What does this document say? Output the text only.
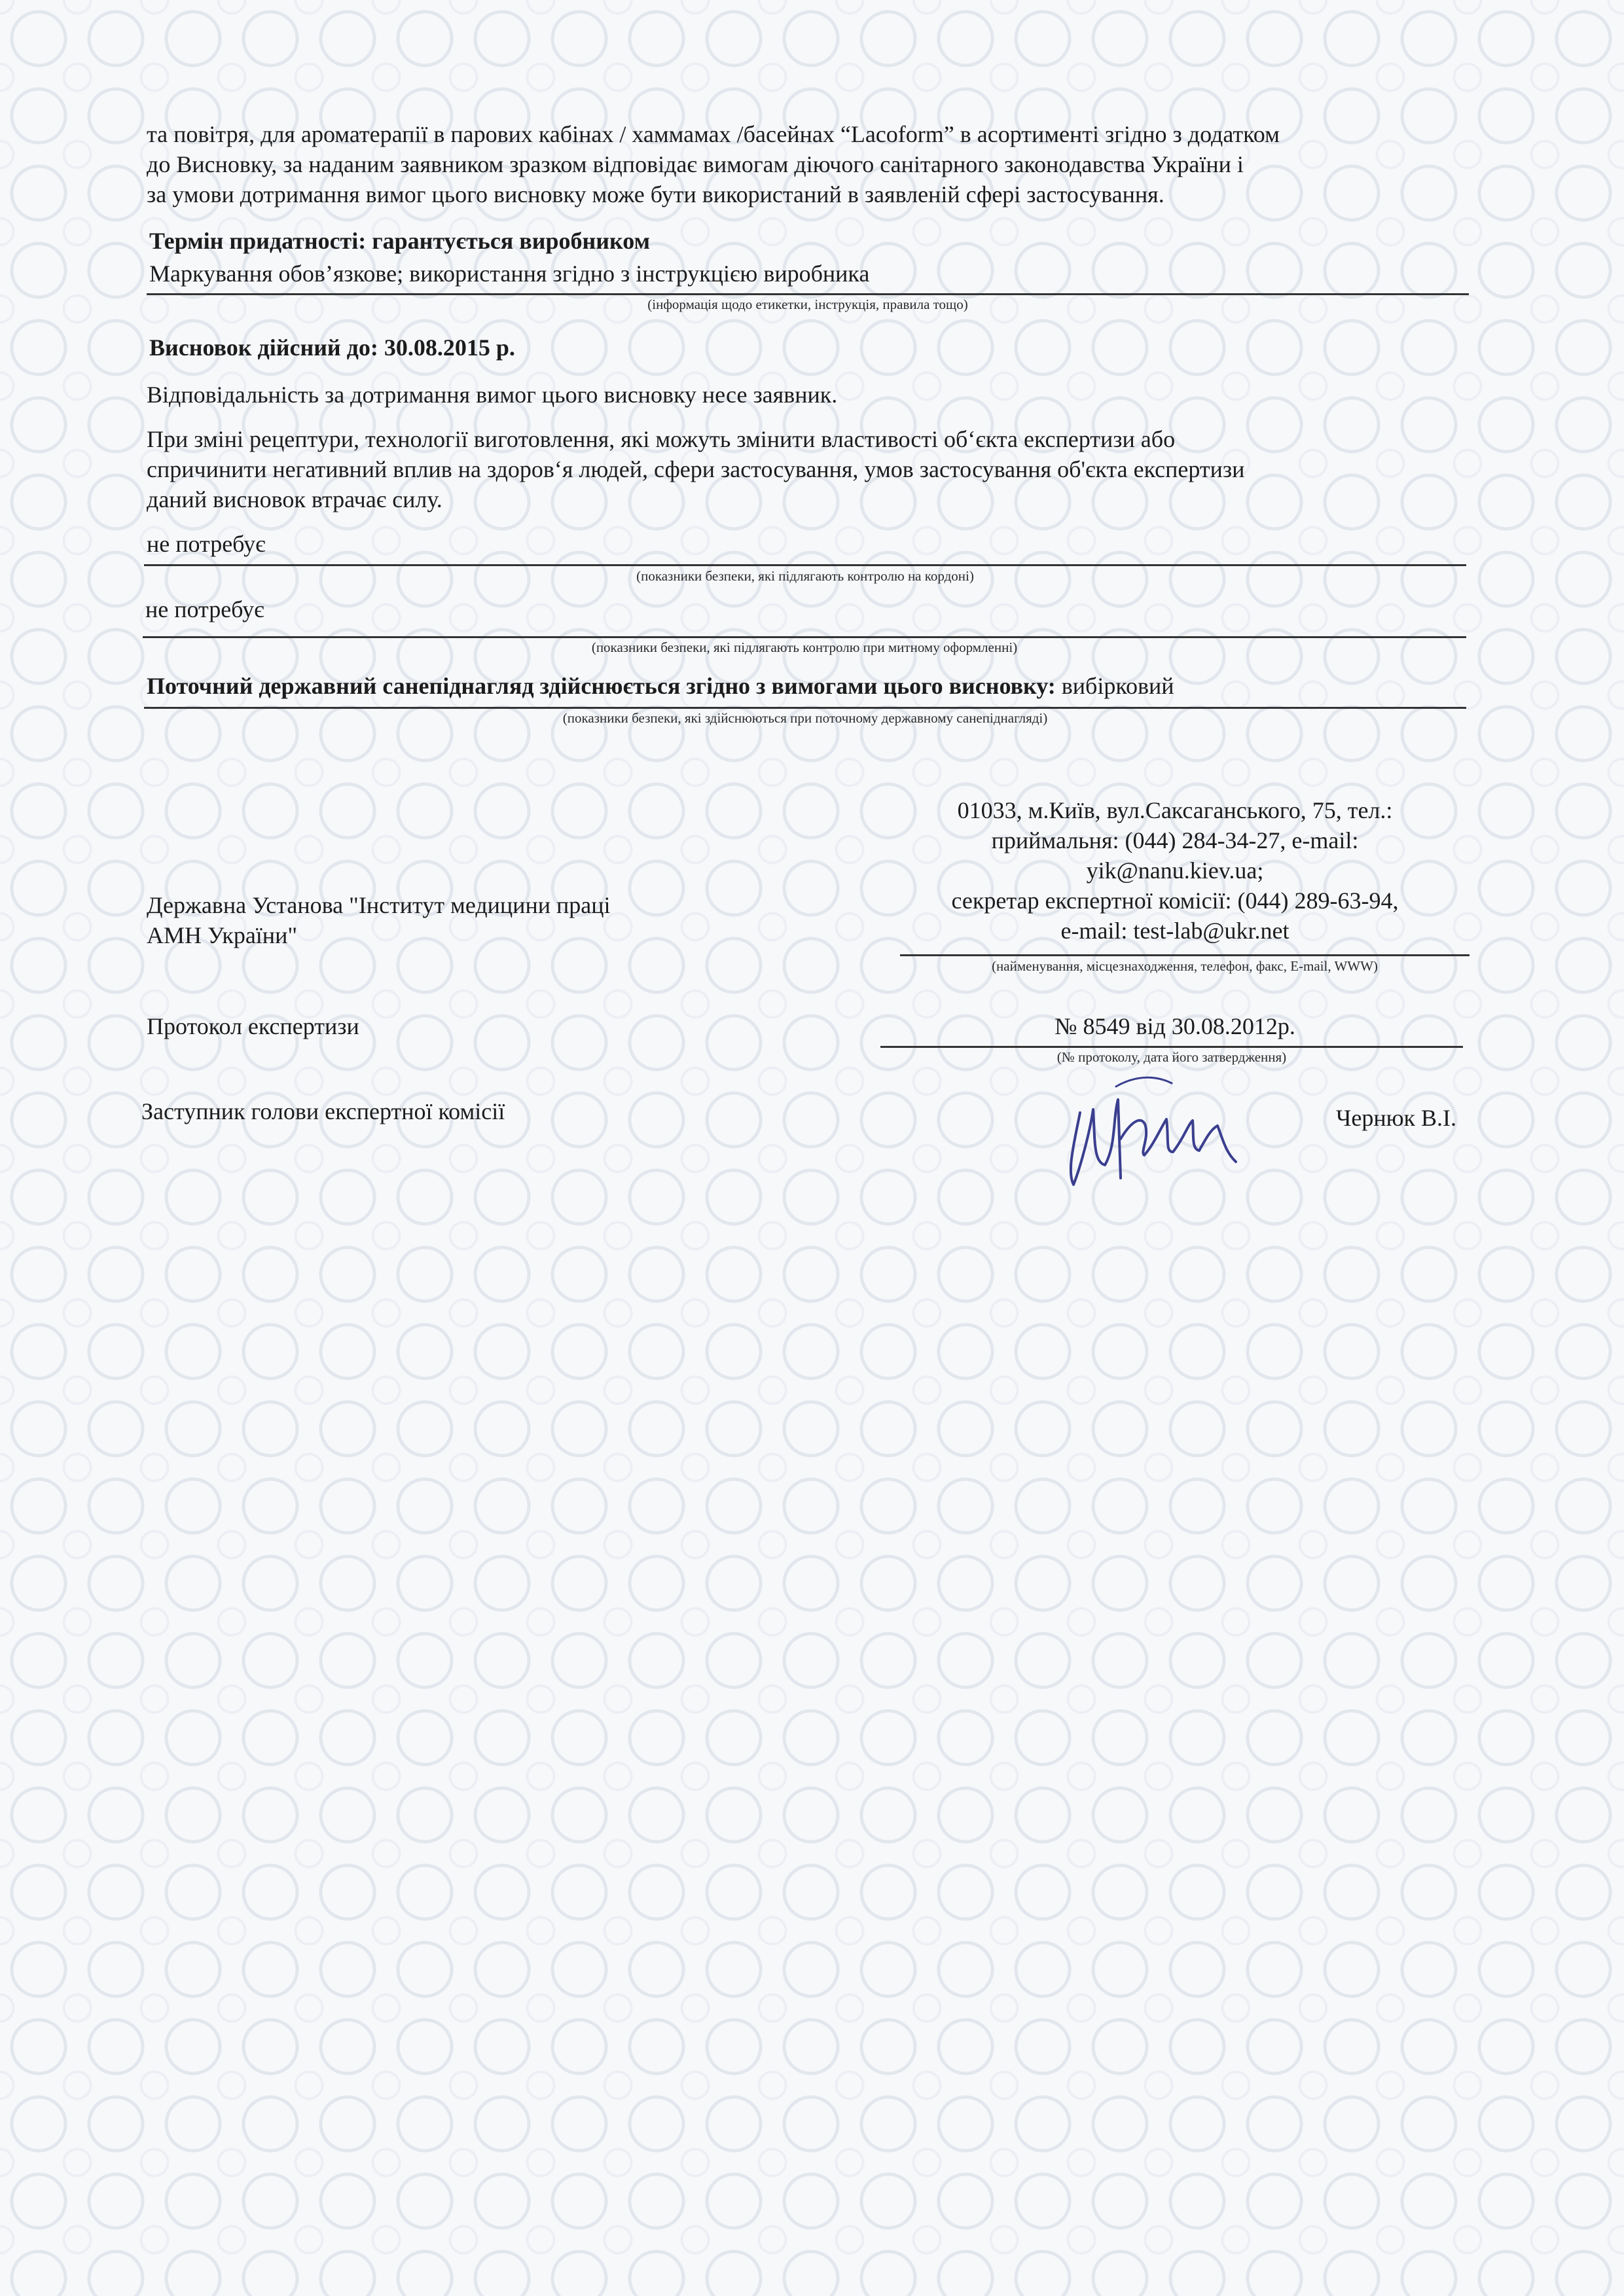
та повітря, для ароматерапії в парових кабінах / хаммамах /басейнах “Lacoform” в асортименті згідно з додатком
до Висновку, за наданим заявником зразком відповідає вимогам діючого санітарного законодавства України і
за умови дотримання вимог цього висновку може бути використаний в заявленій сфері застосування.
Термін придатності: гарантується виробником
Маркування обов’язкове; використання згідно з інструкцією виробника
(інформація щодо етикетки, інструкція, правила тощо)
Висновок дійсний до: 30.08.2015 р.
Відповідальність за дотримання вимог цього висновку несе заявник.
При зміні рецептури, технології виготовлення, які можуть змінити властивості об‘єкта експертизи або
спричинити негативний вплив на здоров‘я людей, сфери застосування, умов застосування об'єкта експертизи
даний висновок втрачає силу.
не потребує
(показники безпеки, які підлягають контролю на кордоні)
не потребує
(показники безпеки, які підлягають контролю при митному оформленні)
Поточний державний санепіднагляд здійснюється згідно з вимогами цього висновку: вибірковий
(показники безпеки, які здійснюються при поточному державному санепіднагляді)
Державна Установа "Інститут медицини праці
АМН України"
01033, м.Київ, вул.Саксаганського, 75, тел.:
приймальня: (044) 284-34-27, e-mail:
yik@nanu.kiev.ua;
секретар експертної комісії: (044) 289-63-94,
e-mail: test-lab@ukr.net
(найменування, місцезнаходження, телефон, факс, E-mail, WWW)
Протокол експертизи	№ 8549 від 30.08.2012р.
(№ протоколу, дата його затвердження)
Заступник голови експертної комісії	Чернюк В.І.
